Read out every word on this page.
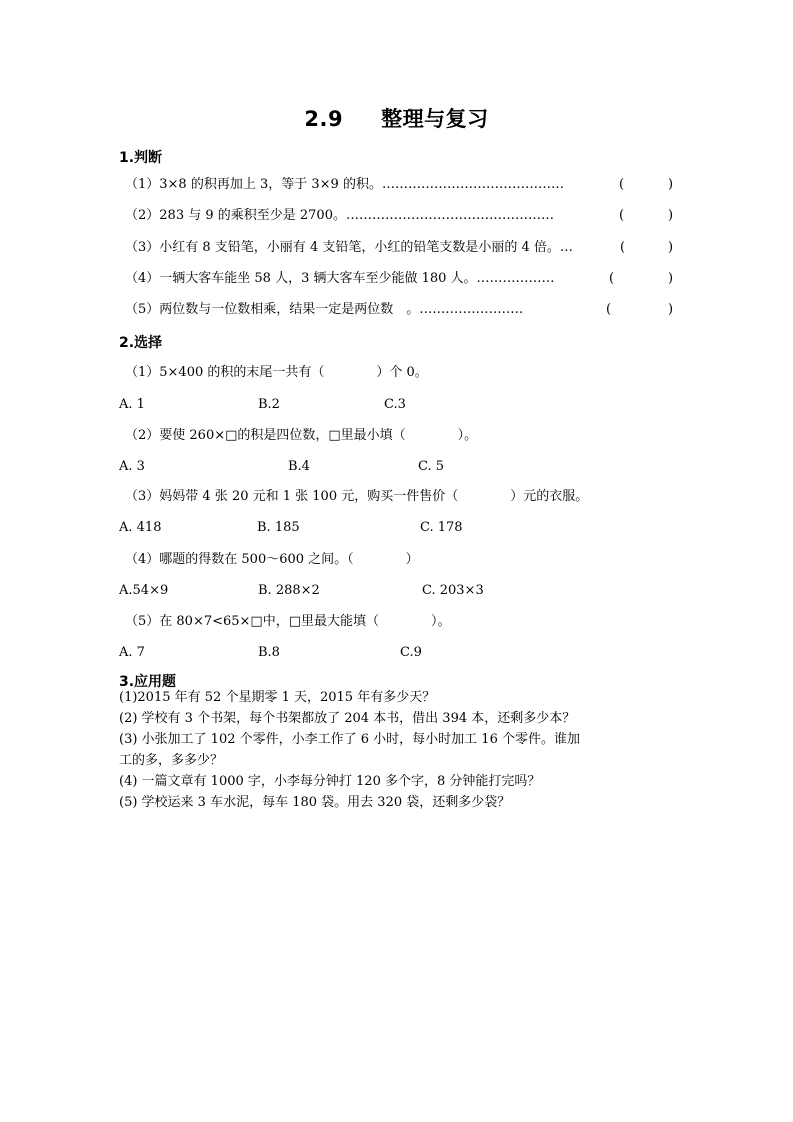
2.9 整理与复习
1.判断
（1）3×8 的积再加上 3，等于 3×9 的积。……………………………………	(	)
（2）283 与 9 的乘积至少是 2700。…………………………………………	(	)
（3）小红有 8 支铅笔，小丽有 4 支铅笔，小红的铅笔支数是小丽的 4 倍。…	(	)
（4）一辆大客车能坐 58 人，3 辆大客车至少能做 180 人。………………	(	)
（5）两位数与一位数相乘，结果一定是两位数　。……………………	(	)
2.选择
（1）5×400 的积的末尾一共有（　　　　）个 0。
A. 1	B.2	C.3
（2）要使 260×□的积是四位数，□里最小填（　　　　）。
A. 3	B.4	C. 5
（3）妈妈带 4 张 20 元和 1 张 100 元，购买一件售价（　　　　）元的衣服。
A. 418	B. 185	C. 178
（4）哪题的得数在 500～600 之间。（　　　　）
A.54×9	B. 288×2	C. 203×3
（5）在 80×7<65×□中，□里最大能填（　　　　）。
A. 7	B.8	C.9
3.应用题
(1)2015 年有 52 个星期零 1 天，2015 年有多少天？
(2) 学校有 3 个书架，每个书架都放了 204 本书，借出 394 本，还剩多少本？
(3) 小张加工了 102 个零件，小李工作了 6 小时，每小时加工 16 个零件。谁加
工的多，多多少？
(4) 一篇文章有 1000 字，小李每分钟打 120 多个字，8 分钟能打完吗？
(5) 学校运来 3 车水泥，每车 180 袋。用去 320 袋，还剩多少袋？
